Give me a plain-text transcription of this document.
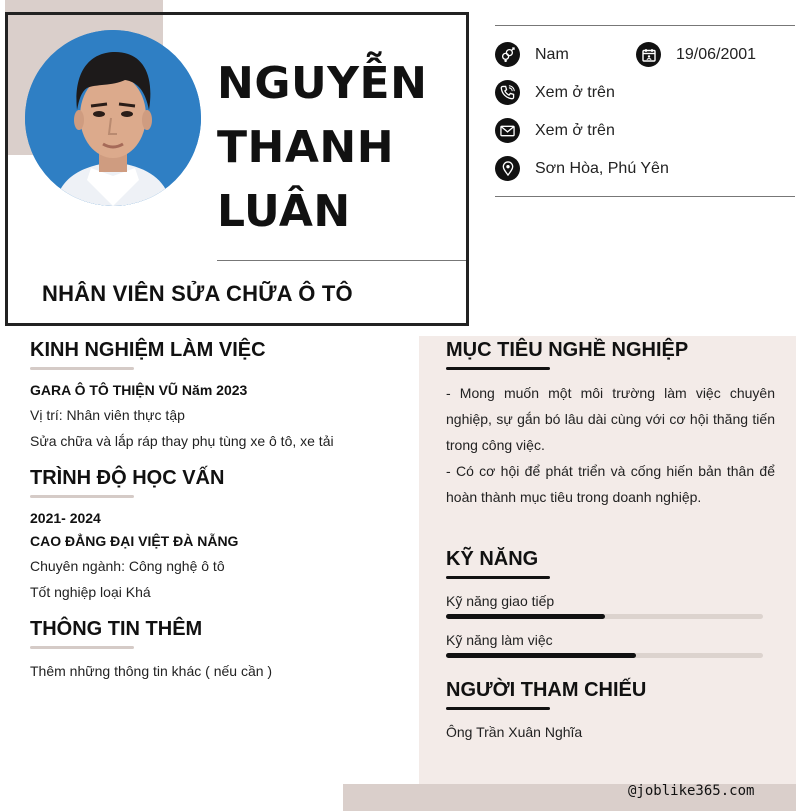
NGUYỄN
THANH
LUÂN
NHÂN VIÊN SỬA CHỮA Ô TÔ
Nam	19/06/2001
Xem ở trên
Xem ở trên
Sơn Hòa, Phú Yên
KINH NGHIỆM LÀM VIỆC
GARA Ô TÔ THIỆN VŨ Năm 2023
Vị trí: Nhân viên thực tập
Sửa chữa và lắp ráp thay phụ tùng xe ô tô, xe tải
TRÌNH ĐỘ HỌC VẤN
2021- 2024
CAO ĐẲNG ĐẠI VIỆT ĐÀ NẴNG
Chuyên ngành: Công nghệ ô tô
Tốt nghiệp loại Khá
THÔNG TIN THÊM
Thêm những thông tin khác ( nếu cần )
MỤC TIÊU NGHỀ NGHIỆP

- Mong muốn một môi trường làm việc chuyên nghiệp, sự gắn bó lâu dài cùng với cơ hội thăng tiến trong công việc.

- Có cơ hội để phát triển và cống hiến bản thân để hoàn thành mục tiêu trong doanh nghiệp.

KỸ NĂNG
Kỹ năng giao tiếp
Kỹ năng làm việc
NGƯỜI THAM CHIẾU
Ông Trần Xuân Nghĩa
@joblike365.com
